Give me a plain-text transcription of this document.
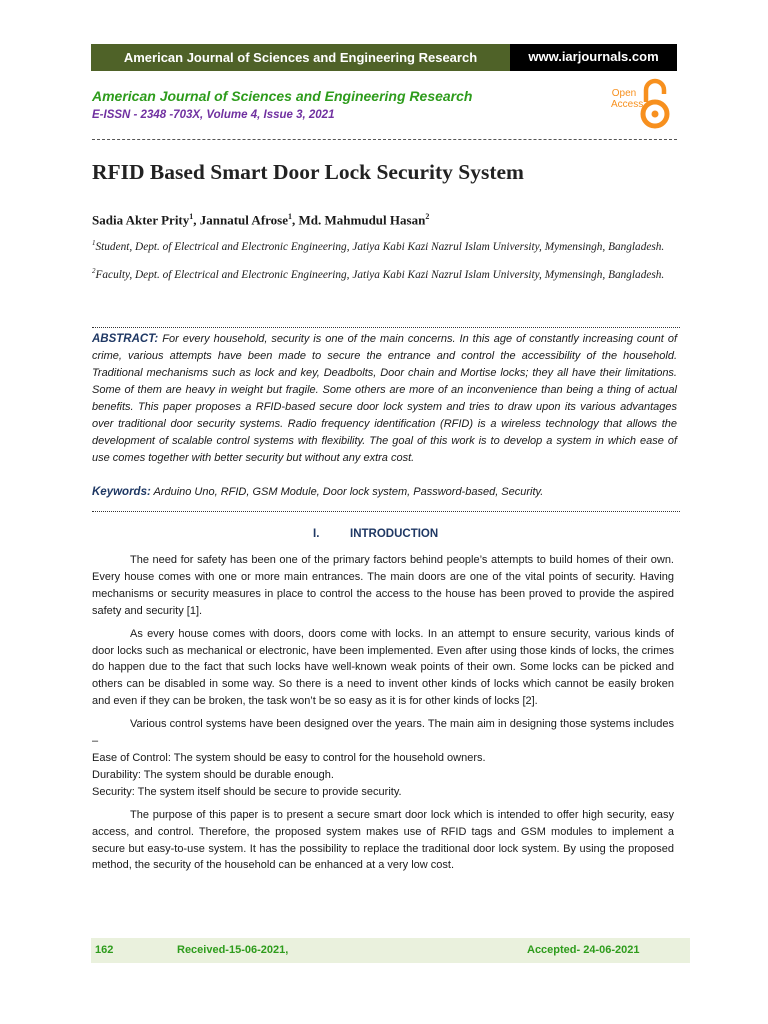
American Journal of Sciences and Engineering Research	www.iarjournals.com
American Journal of Sciences and Engineering Research
E-ISSN - 2348 -703X, Volume 4, Issue 3, 2021
Open Access
RFID Based Smart Door Lock Security System
Sadia Akter Prity$^1$, Jannatul Afrose$^1$, Md. Mahmudul Hasan$^2$
$^1$Student, Dept. of Electrical and Electronic Engineering, Jatiya Kabi Kazi Nazrul Islam University, Mymensingh, Bangladesh.
$^2$Faculty, Dept. of Electrical and Electronic Engineering, Jatiya Kabi Kazi Nazrul Islam University, Mymensingh, Bangladesh.
ABSTRACT: For every household, security is one of the main concerns. In this age of constantly increasing count of crime, various attempts have been made to secure the entrance and control the accessibility of the household. Traditional mechanisms such as lock and key, Deadbolts, Door chain and Mortise locks; they all have their limitations. Some of them are heavy in weight but fragile. Some others are more of an inconvenience than being a thing of actual benefits. This paper proposes a RFID-based secure door lock system and tries to draw upon its various advantages over traditional door security systems. Radio frequency identification (RFID) is a wireless technology that allows the development of scalable control systems with flexibility. The goal of this work is to develop a system in which ease of use comes together with better security but without any extra cost.
Keywords: Arduino Uno, RFID, GSM Module, Door lock system, Password-based, Security.
I.	INTRODUCTION

The need for safety has been one of the primary factors behind people’s attempts to build homes of their own. Every house comes with one or more main entrances. The main doors are one of the vital points of security. Having mechanisms or security measures in place to control the access to the house has been proved to provide the aspired safety and security [1].

As every house comes with doors, doors come with locks. In an attempt to ensure security, various kinds of door locks such as mechanical or electronic, have been implemented. Even after using those kinds of locks, the crimes do happen due to the fact that such locks have well-known weak points of their own. Some locks can be picked and others can be disabled in some way. So there is a need to invent other kinds of locks which cannot be easily broken and even if they can be broken, the task won’t be so easy as it is for other kinds of locks [2].

Various control systems have been designed over the years. The main aim in designing those systems includes –

Ease of Control: The system should be easy to control for the household owners.

Durability: The system should be durable enough.

Security: The system itself should be secure to provide security.

The purpose of this paper is to present a secure smart door lock which is intended to offer high security, easy access, and control. Therefore, the proposed system makes use of RFID tags and GSM modules to implement a secure but easy-to-use system. It has the possibility to replace the traditional door lock system. By using the proposed method, the security of the household can be enhanced at a very low cost.

162	Received-15-06-2021,	Accepted- 24-06-2021
